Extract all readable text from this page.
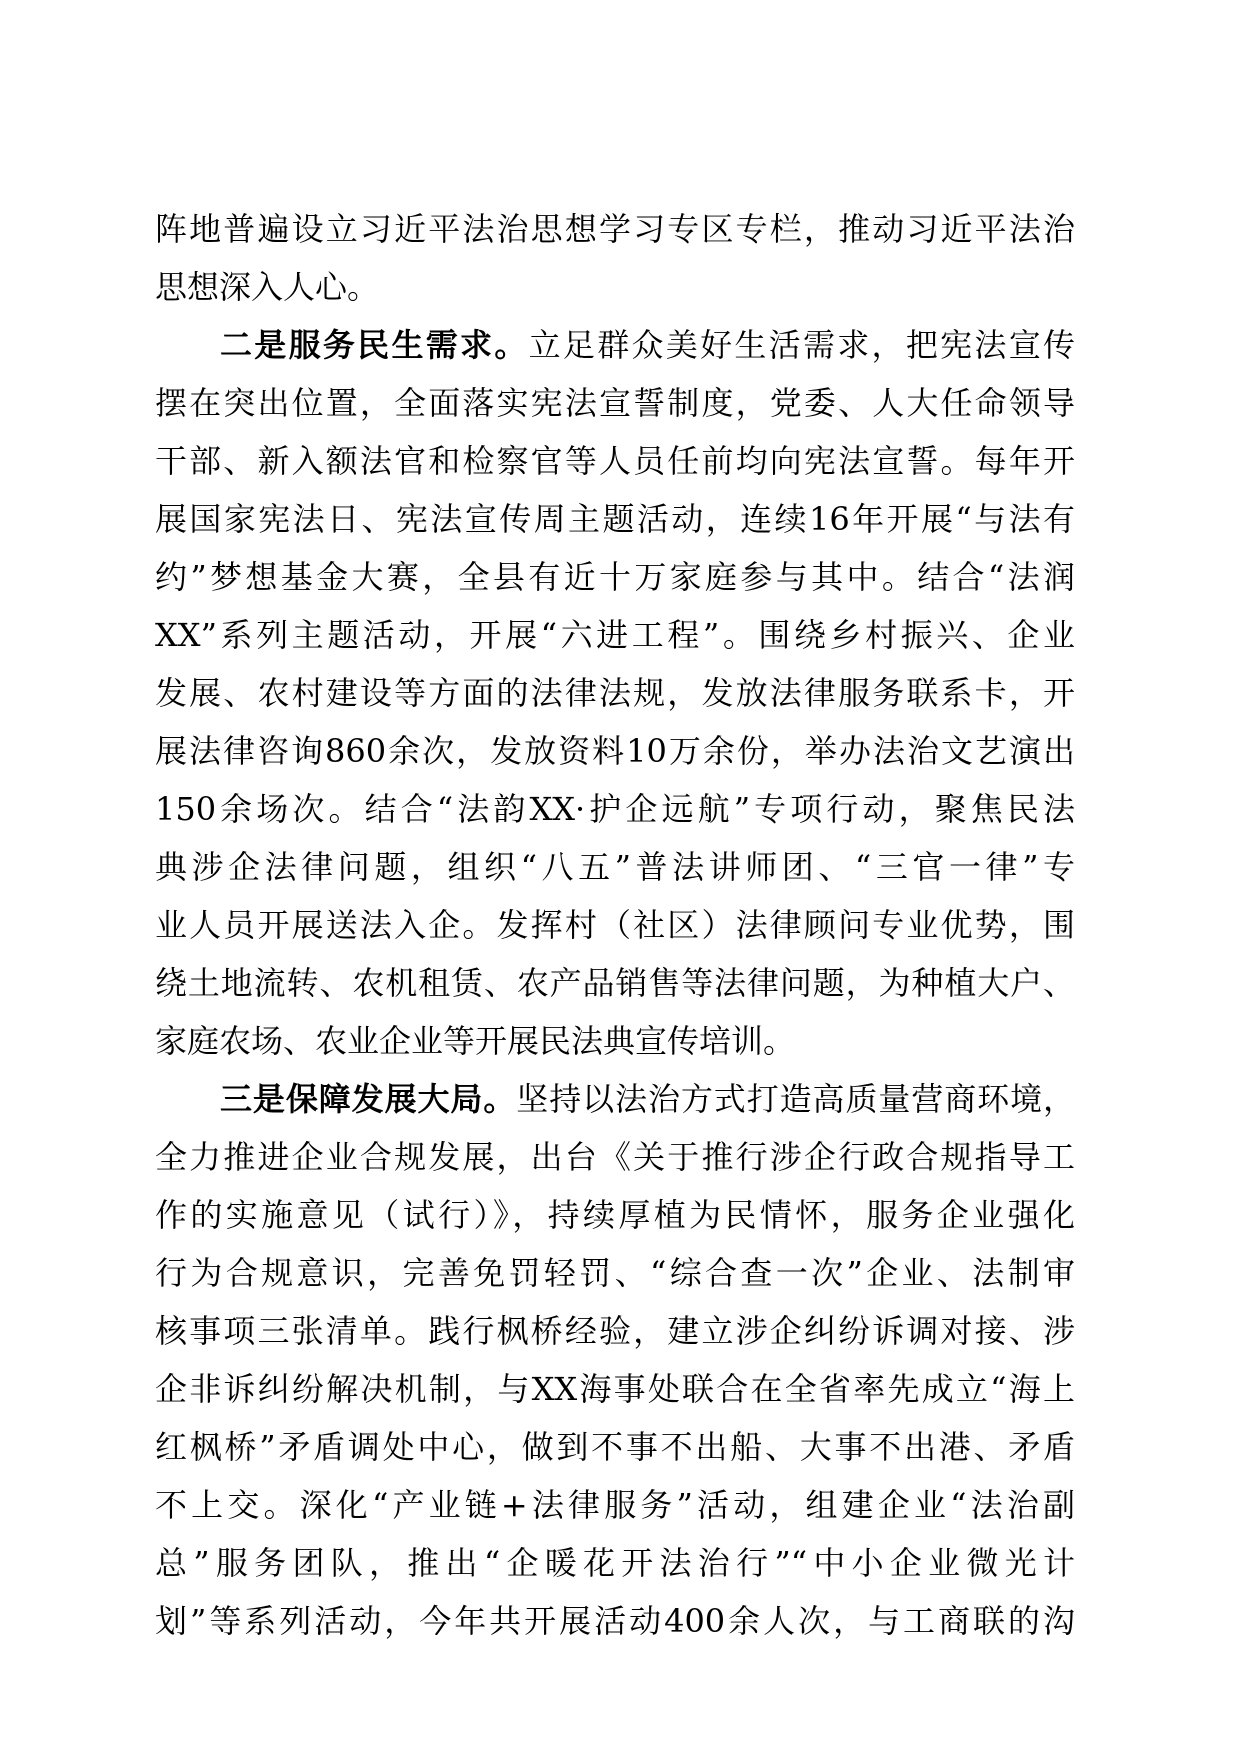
阵地普遍设立习近平法治思想学习专区专栏，推动习近平法治
思想深入人心。
二是服务民生需求。立足群众美好生活需求，把宪法宣传
摆在突出位置，全面落实宪法宣誓制度，党委、人大任命领导
干部、新入额法官和检察官等人员任前均向宪法宣誓。每年开
展国家宪法日、宪法宣传周主题活动，连续16年开展“与法有
约”梦想基金大赛，全县有近十万家庭参与其中。结合“法润
XX”系列主题活动，开展“六进工程”。围绕乡村振兴、企业
发展、农村建设等方面的法律法规，发放法律服务联系卡，开
展法律咨询860余次，发放资料10万余份，举办法治文艺演出
150余场次。结合“法韵XX·护企远航”专项行动，聚焦民法
典涉企法律问题，组织“八五”普法讲师团、“三官一律”专
业人员开展送法入企。发挥村（社区）法律顾问专业优势，围
绕土地流转、农机租赁、农产品销售等法律问题，为种植大户、
家庭农场、农业企业等开展民法典宣传培训。
三是保障发展大局。坚持以法治方式打造高质量营商环境，
全力推进企业合规发展，出台《关于推行涉企行政合规指导工
作的实施意见（试行）》，持续厚植为民情怀，服务企业强化
行为合规意识，完善免罚轻罚、“综合查一次”企业、法制审
核事项三张清单。践行枫桥经验，建立涉企纠纷诉调对接、涉
企非诉纠纷解决机制，与XX海事处联合在全省率先成立“海上
红枫桥”矛盾调处中心，做到不事不出船、大事不出港、矛盾
不上交。深化“产业链+法律服务”活动，组建企业“法治副
总”服务团队，推出“企暖花开法治行”“中小企业微光计
划”等系列活动，今年共开展活动400余人次，与工商联的沟
